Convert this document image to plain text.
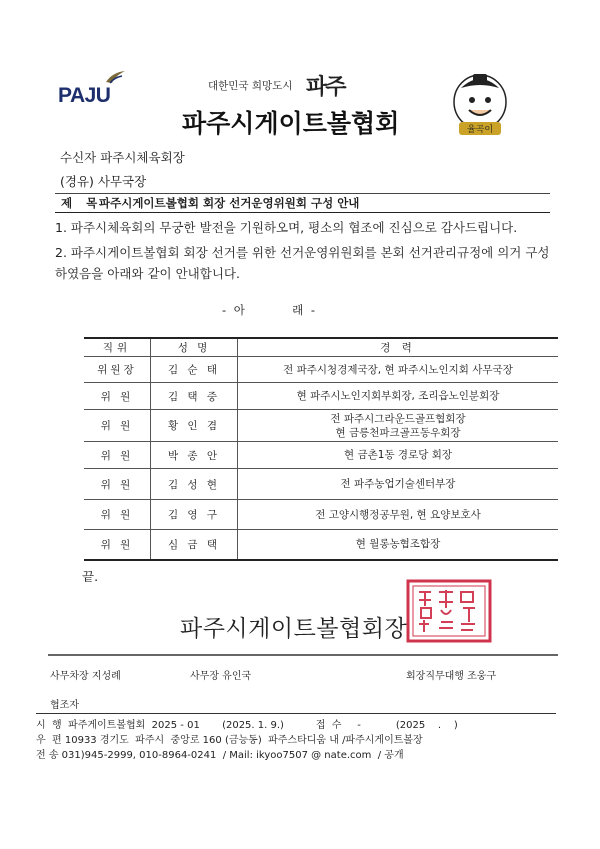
PAJU	대한민국 희망도시 파주
파주시게이트볼협회	율곡이
수신자 파주시체육회장
(경유) 사무국장
제 목
파주시게이트볼협회 회장 선거운영위원회 구성 안내
1. 파주시체육회의 무궁한 발전을 기원하오며, 평소의 협조에 진심으로 감사드립니다.
2. 파주시게이트볼협회 회장 선거를 위한 선거운영위원회를 본회 선거관리규정에 의거 구성하였음을 아래와 같이 안내합니다.
- 아        래 -
직위	성 명	경 력
위원장	김 순 태	전 파주시청경제국장, 현 파주시노인지회 사무국장
위 원	김 택 중	현 파주시노인지회부회장, 조리읍노인분회장
위 원	황 인 겸	전 파주시그라운드골프협회장
현 금릉천파크골프동우회장
위 원	박 종 안	현 금촌1동 경로당 회장
위 원	김 성 현	전 파주농업기술센터부장
위 원	김 영 구	전 고양시행정공무원, 현 요양보호사
위 원	심 금 택	현 월롱농협조합장
끝.
파주시게이트볼협회장
사무차장 지성례	사무장 유인국	회장직무대행 조웅구
협조자
시  행  파주게이트볼협회  2025 - 01       (2025. 1. 9.)          접  수     -           (2025    .    )
우  편 10933 경기도  파주시  중앙로 160 (금능동)  파주스타디움 내 /파주시게이트볼장
전 송 031)945-2999, 010-8964-0241  / Mail: ikyoo7507 @ nate.com  / 공개
